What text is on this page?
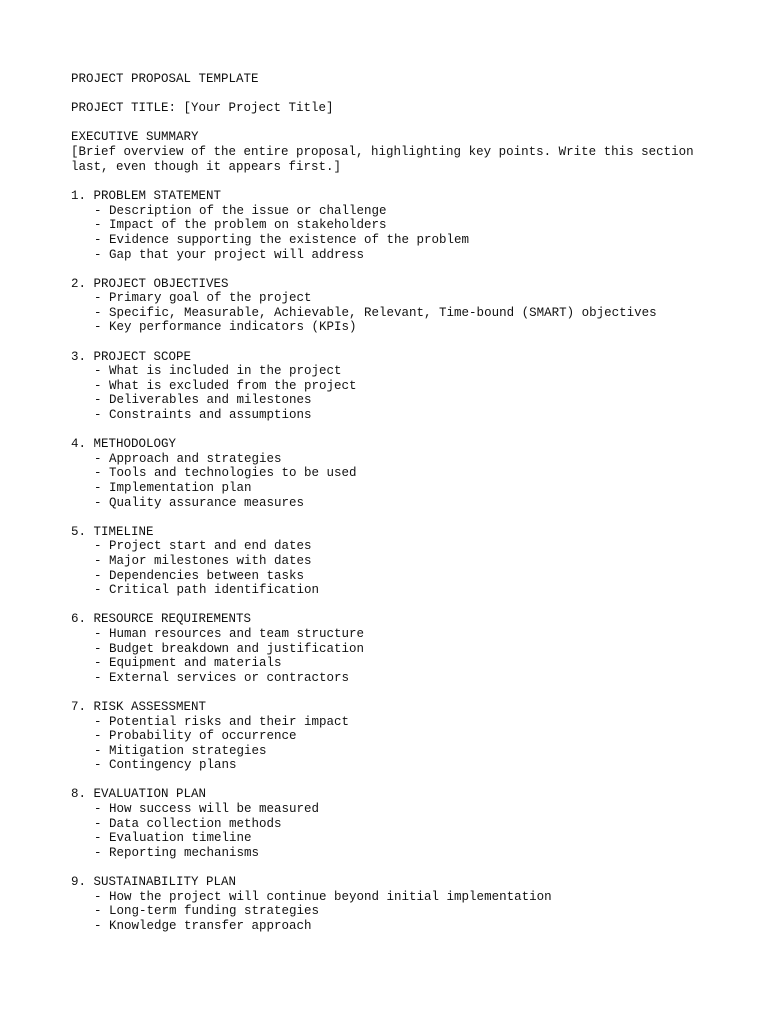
PROJECT PROPOSAL TEMPLATE

PROJECT TITLE: [Your Project Title]

EXECUTIVE SUMMARY

[Brief overview of the entire proposal, highlighting key points. Write this section

last, even though it appears first.]

1. PROBLEM STATEMENT

- Description of the issue or challenge

- Impact of the problem on stakeholders

- Evidence supporting the existence of the problem

- Gap that your project will address

2. PROJECT OBJECTIVES

- Primary goal of the project

- Specific, Measurable, Achievable, Relevant, Time-bound (SMART) objectives

- Key performance indicators (KPIs)

3. PROJECT SCOPE

- What is included in the project

- What is excluded from the project

- Deliverables and milestones

- Constraints and assumptions

4. METHODOLOGY

- Approach and strategies

- Tools and technologies to be used

- Implementation plan

- Quality assurance measures

5. TIMELINE

- Project start and end dates

- Major milestones with dates

- Dependencies between tasks

- Critical path identification

6. RESOURCE REQUIREMENTS

- Human resources and team structure

- Budget breakdown and justification

- Equipment and materials

- External services or contractors

7. RISK ASSESSMENT

- Potential risks and their impact

- Probability of occurrence

- Mitigation strategies

- Contingency plans

8. EVALUATION PLAN

- How success will be measured

- Data collection methods

- Evaluation timeline

- Reporting mechanisms

9. SUSTAINABILITY PLAN

- How the project will continue beyond initial implementation

- Long-term funding strategies

- Knowledge transfer approach
